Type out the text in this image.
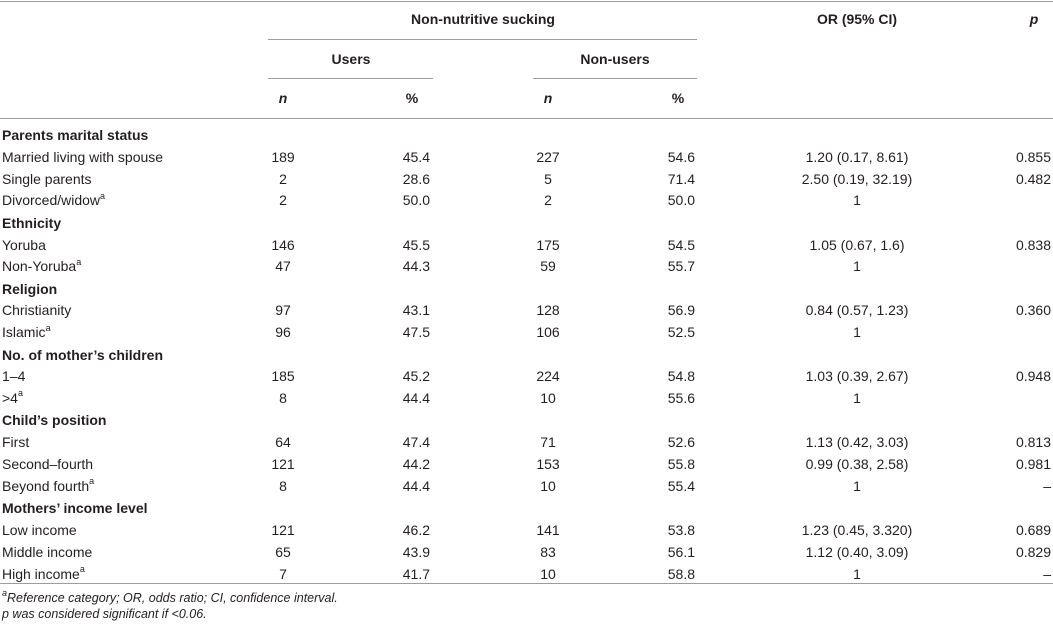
Non-nutritive sucking	OR (95% CI)	p
Users	Non-users
n	%	n	%
Parents marital status
Married living with spouse	189	45.4	227	54.6	1.20 (0.17, 8.61)	0.855
Single parents	2	28.6	5	71.4	2.50 (0.19, 32.19)	0.482
Divorced/widow$^a$	2	50.0	2	50.0	1
Ethnicity
Yoruba	146	45.5	175	54.5	1.05 (0.67, 1.6)	0.838
Non-Yoruba$^a$	47	44.3	59	55.7	1
Religion
Christianity	97	43.1	128	56.9	0.84 (0.57, 1.23)	0.360
Islamic$^a$	96	47.5	106	52.5	1
No. of mother’s children
1–4	185	45.2	224	54.8	1.03 (0.39, 2.67)	0.948
$>4^a$	8	44.4	10	55.6	1
Child’s position
First	64	47.4	71	52.6	1.13 (0.42, 3.03)	0.813
Second–fourth	121	44.2	153	55.8	0.99 (0.38, 2.58)	0.981
Beyond fourth$^a$	8	44.4	10	55.4	1	–
Mothers’ income level
Low income	121	46.2	141	53.8	1.23 (0.45, 3.320)	0.689
Middle income	65	43.9	83	56.1	1.12 (0.40, 3.09)	0.829
High income$^a$	7	41.7	10	58.8	1	–
$^a$Reference category; OR, odds ratio; CI, confidence interval.
p was considered significant if <0.06.
